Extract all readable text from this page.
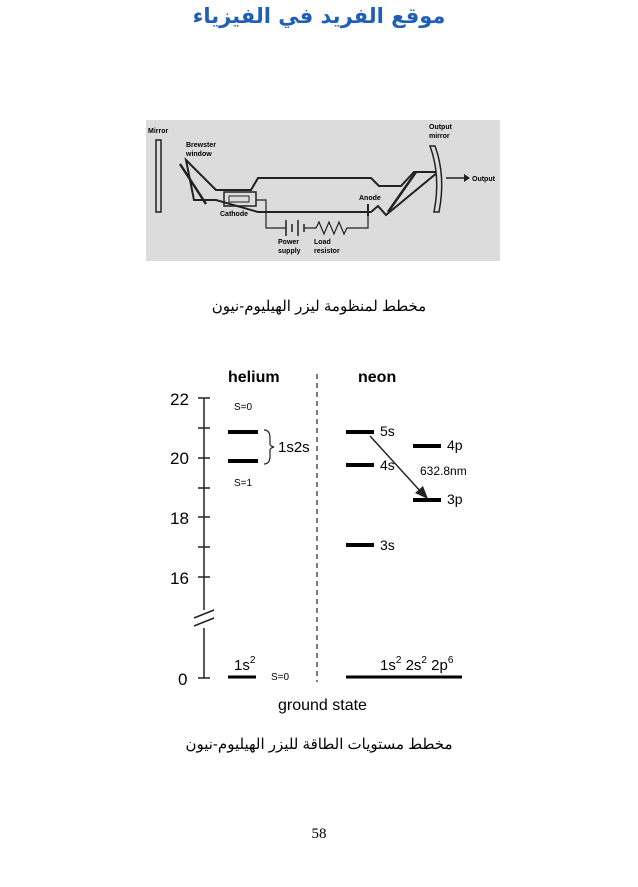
موقع الفريد في الفيزياء
Mirror
Brewster
window
Cathode
Anode
Output
mirror
Output
Power
supply
Load
resistor
مخطط لمنظومة ليزر الهيليوم-نيون
helium	neon
22
20
18
16
0
S=0
S=1
1s2s
$1s^2$
S=0
5s
4s
4p
3p
3s
632.8nm
$1s^2$ $2s^2$ $2p^6$
ground state
مخطط مستويات الطاقة لليزر الهيليوم-نيون
58
